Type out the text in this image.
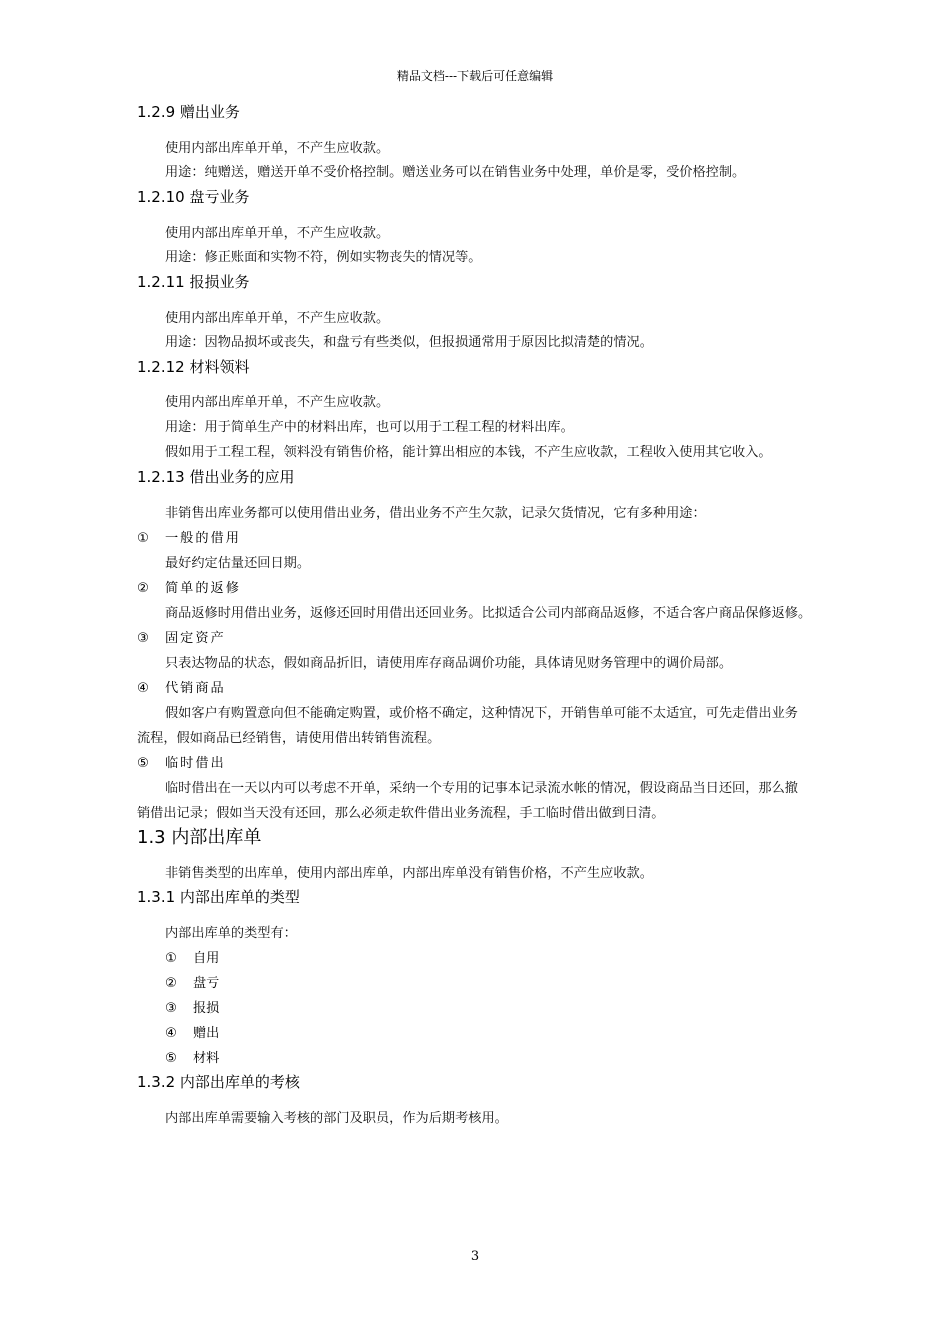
精品文档---下载后可任意编辑
1.2.9 赠出业务
使用内部出库单开单，不产生应收款。
用途：纯赠送，赠送开单不受价格控制。赠送业务可以在销售业务中处理，单价是零，受价格控制。
1.2.10 盘亏业务
使用内部出库单开单，不产生应收款。
用途：修正账面和实物不符，例如实物丧失的情况等。
1.2.11 报损业务
使用内部出库单开单，不产生应收款。
用途：因物品损坏或丧失，和盘亏有些类似，但报损通常用于原因比拟清楚的情况。
1.2.12 材料领料
使用内部出库单开单，不产生应收款。
用途：用于简单生产中的材料出库，也可以用于工程工程的材料出库。
假如用于工程工程，领料没有销售价格，能计算出相应的本钱，不产生应收款，工程收入使用其它收入。
1.2.13 借出业务的应用
非销售出库业务都可以使用借出业务，借出业务不产生欠款，记录欠货情况，它有多种用途：
① 一般的借用
最好约定估量还回日期。
② 简单的返修
商品返修时用借出业务，返修还回时用借出还回业务。比拟适合公司内部商品返修，不适合客户商品保修返修。
③ 固定资产
只表达物品的状态，假如商品折旧，请使用库存商品调价功能，具体请见财务管理中的调价局部。
④ 代销商品
假如客户有购置意向但不能确定购置，或价格不确定，这种情况下，开销售单可能不太适宜，可先走借出业务
流程，假如商品已经销售，请使用借出转销售流程。
⑤ 临时借出
临时借出在一天以内可以考虑不开单，采纳一个专用的记事本记录流水帐的情况，假设商品当日还回，那么撤
销借出记录；假如当天没有还回，那么必须走软件借出业务流程，手工临时借出做到日清。
1.3 内部出库单
非销售类型的出库单，使用内部出库单，内部出库单没有销售价格，不产生应收款。
1.3.1 内部出库单的类型
内部出库单的类型有：
① 自用
② 盘亏
③ 报损
④ 赠出
⑤ 材料
1.3.2 内部出库单的考核
内部出库单需要输入考核的部门及职员，作为后期考核用。
3
